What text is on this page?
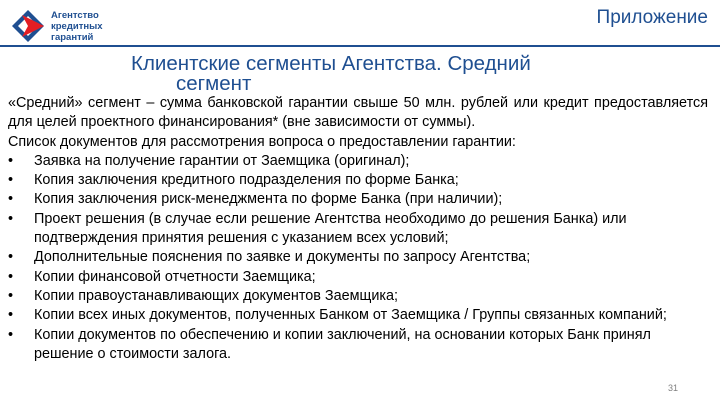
Агентство
кредитных
гарантий
Приложение
Клиентские сегменты Агентства. Средний
сегмент

«Средний» сегмент – сумма банковской гарантии свыше 50 млн. рублей или кредит предоставляется для целей проектного финансирования* (вне зависимости от суммы).

Список документов для рассмотрения вопроса о предоставлении гарантии:

• Заявка на получение гарантии от Заемщика (оригинал);
• Копия заключения кредитного подразделения по форме Банка;
• Копия заключения риск-менеджмента по форме Банка (при наличии);
• Проект решения (в случае если решение Агентства необходимо до решения Банка) или подтверждения принятия решения с указанием всех условий;
• Дополнительные пояснения по заявке и документы по запросу Агентства;
• Копии финансовой отчетности Заемщика;
• Копии правоустанавливающих документов Заемщика;
• Копии всех иных документов, полученных Банком от Заемщика / Группы связанных компаний;
• Копии документов по обеспечению и копии заключений, на основании которых Банк принял решение о стоимости залога.
31
